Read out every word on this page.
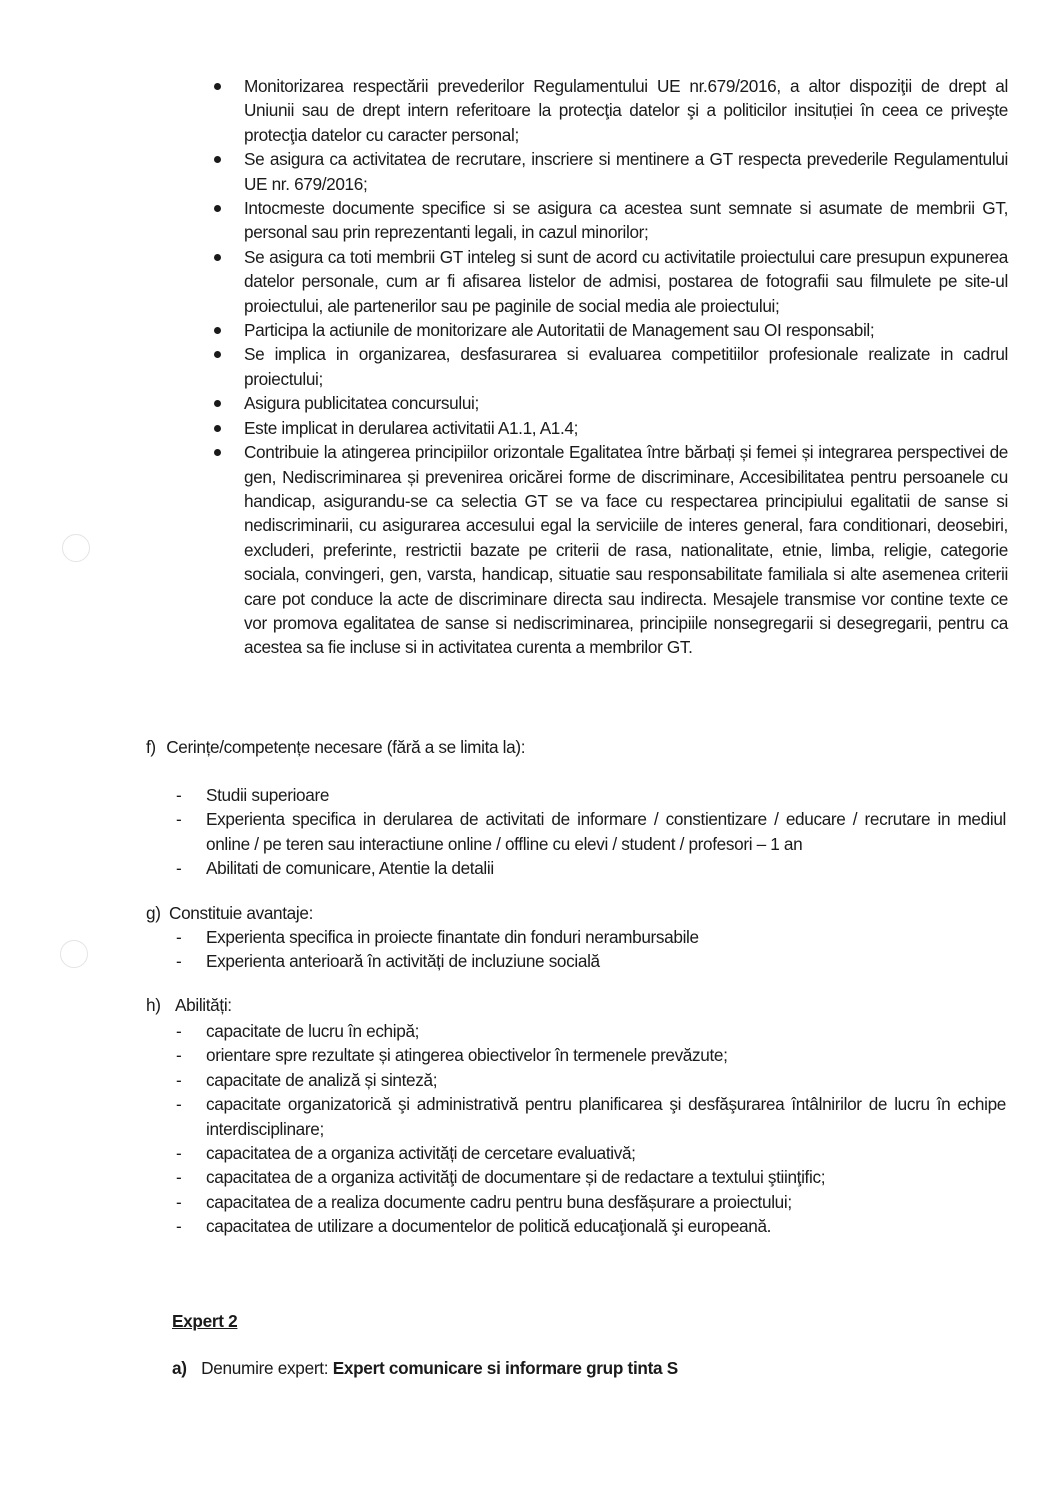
Monitorizarea respectării prevederilor Regulamentului UE nr.679/2016, a altor dispoziţii de drept al Uniunii sau de drept intern referitoare la protecţia datelor şi a politicilor insituției în ceea ce priveşte protecţia datelor cu caracter personal;
Se asigura ca activitatea de recrutare, inscriere si mentinere a GT respecta prevederile Regulamentului UE nr. 679/2016;
Intocmeste documente specifice si se asigura ca acestea sunt semnate si asumate de membrii GT, personal sau prin reprezentanti legali, in cazul minorilor;
Se asigura ca toti membrii GT inteleg si sunt de acord cu activitatile proiectului care presupun expunerea datelor personale, cum ar fi afisarea listelor de admisi, postarea de fotografii sau filmulete pe site-ul proiectului, ale partenerilor sau pe paginile de social media ale proiectului;
Participa la actiunile de monitorizare ale Autoritatii de Management sau OI responsabil;
Se implica in organizarea, desfasurarea si evaluarea competitiilor profesionale realizate in cadrul proiectului;
Asigura publicitatea concursului;
Este implicat in derularea activitatii A1.1, A1.4;
Contribuie la atingerea principiilor orizontale Egalitatea între bărbați și femei și integrarea perspectivei de gen, Nediscriminarea și prevenirea oricărei forme de discriminare, Accesibilitatea pentru persoanele cu handicap, asigurandu-se ca selectia GT se va face cu respectarea principiului egalitatii de sanse si nediscriminarii, cu asigurarea accesului egal la serviciile de interes general, fara conditionari, deosebiri, excluderi, preferinte, restrictii bazate pe criterii de rasa, nationalitate, etnie, limba, religie, categorie sociala, convingeri, gen, varsta, handicap, situatie sau responsabilitate familiala si alte asemenea criterii care pot conduce la acte de discriminare directa sau indirecta. Mesajele transmise vor contine texte ce vor promova egalitatea de sanse si nediscriminarea, principiile nonsegregarii si desegregarii, pentru ca acestea sa fie incluse si in activitatea curenta a membrilor GT.
f) Cerințe/competențe necesare (fără a se limita la):
- Studii superioare
- Experienta specifica in derularea de activitati de informare / constientizare / educare / recrutare in mediul online / pe teren sau interactiune online / offline cu elevi / student / profesori – 1 an
- Abilitati de comunicare, Atentie la detalii
g) Constituie avantaje:
- Experienta specifica in proiecte finantate din fonduri nerambursabile
- Experienta anterioară în activități de incluziune socială
h) Abilități:
- capacitate de lucru în echipă;
- orientare spre rezultate și atingerea obiectivelor în termenele prevăzute;
- capacitate de analiză și sinteză;
- capacitate organizatorică şi administrativă pentru planificarea şi desfăşurarea întâlnirilor de lucru în echipe interdisciplinare;
- capacitatea de a organiza activități de cercetare evaluativă;
- capacitatea de a organiza activităţi de documentare și de redactare a textului ştiinţific;
- capacitatea de a realiza documente cadru pentru buna desfășurare a proiectului;
- capacitatea de utilizare a documentelor de politică educaţională şi europeană.
Expert 2
a) Denumire expert: Expert comunicare si informare grup tinta S
